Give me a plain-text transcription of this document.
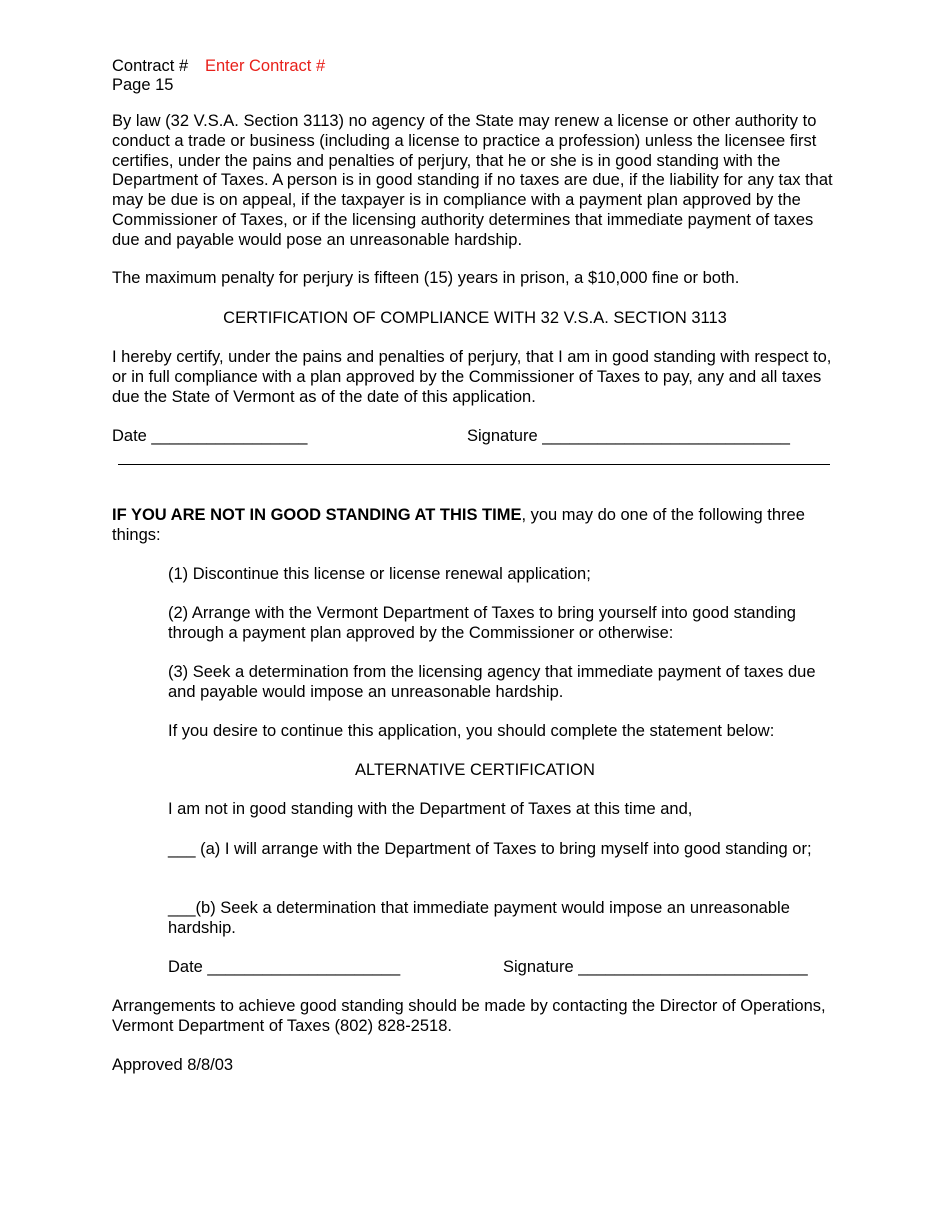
Contract # Enter Contract #
Page 15

By law (32 V.S.A. Section 3113) no agency of the State may renew a license or other authority to conduct a trade or business (including a license to practice a profession) unless the licensee first certifies, under the pains and penalties of perjury, that he or she is in good standing with the Department of Taxes. A person is in good standing if no taxes are due, if the liability for any tax that may be due is on appeal, if the taxpayer is in compliance with a payment plan approved by the Commissioner of Taxes, or if the licensing authority determines that immediate payment of taxes due and payable would pose an unreasonable hardship.

The maximum penalty for perjury is fifteen (15) years in prison, a $10,000 fine or both.

CERTIFICATION OF COMPLIANCE WITH 32 V.S.A. SECTION 3113

I hereby certify, under the pains and penalties of perjury, that I am in good standing with respect to, or in full compliance with a plan approved by the Commissioner of Taxes to pay, any and all taxes due the State of Vermont as of the date of this application.

Date _________________	Signature ___________________________

IF YOU ARE NOT IN GOOD STANDING AT THIS TIME, you may do one of the following three things:

(1) Discontinue this license or license renewal application;

(2) Arrange with the Vermont Department of Taxes to bring yourself into good standing through a payment plan approved by the Commissioner or otherwise:

(3) Seek a determination from the licensing agency that immediate payment of taxes due and payable would impose an unreasonable hardship.

If you desire to continue this application, you should complete the statement below:

ALTERNATIVE CERTIFICATION

I am not in good standing with the Department of Taxes at this time and,

___ (a) I will arrange with the Department of Taxes to bring myself into good standing or;

___(b) Seek a determination that immediate payment would impose an unreasonable hardship.

Date _____________________	Signature _________________________

Arrangements to achieve good standing should be made by contacting the Director of Operations, Vermont Department of Taxes (802) 828-2518.

Approved 8/8/03
